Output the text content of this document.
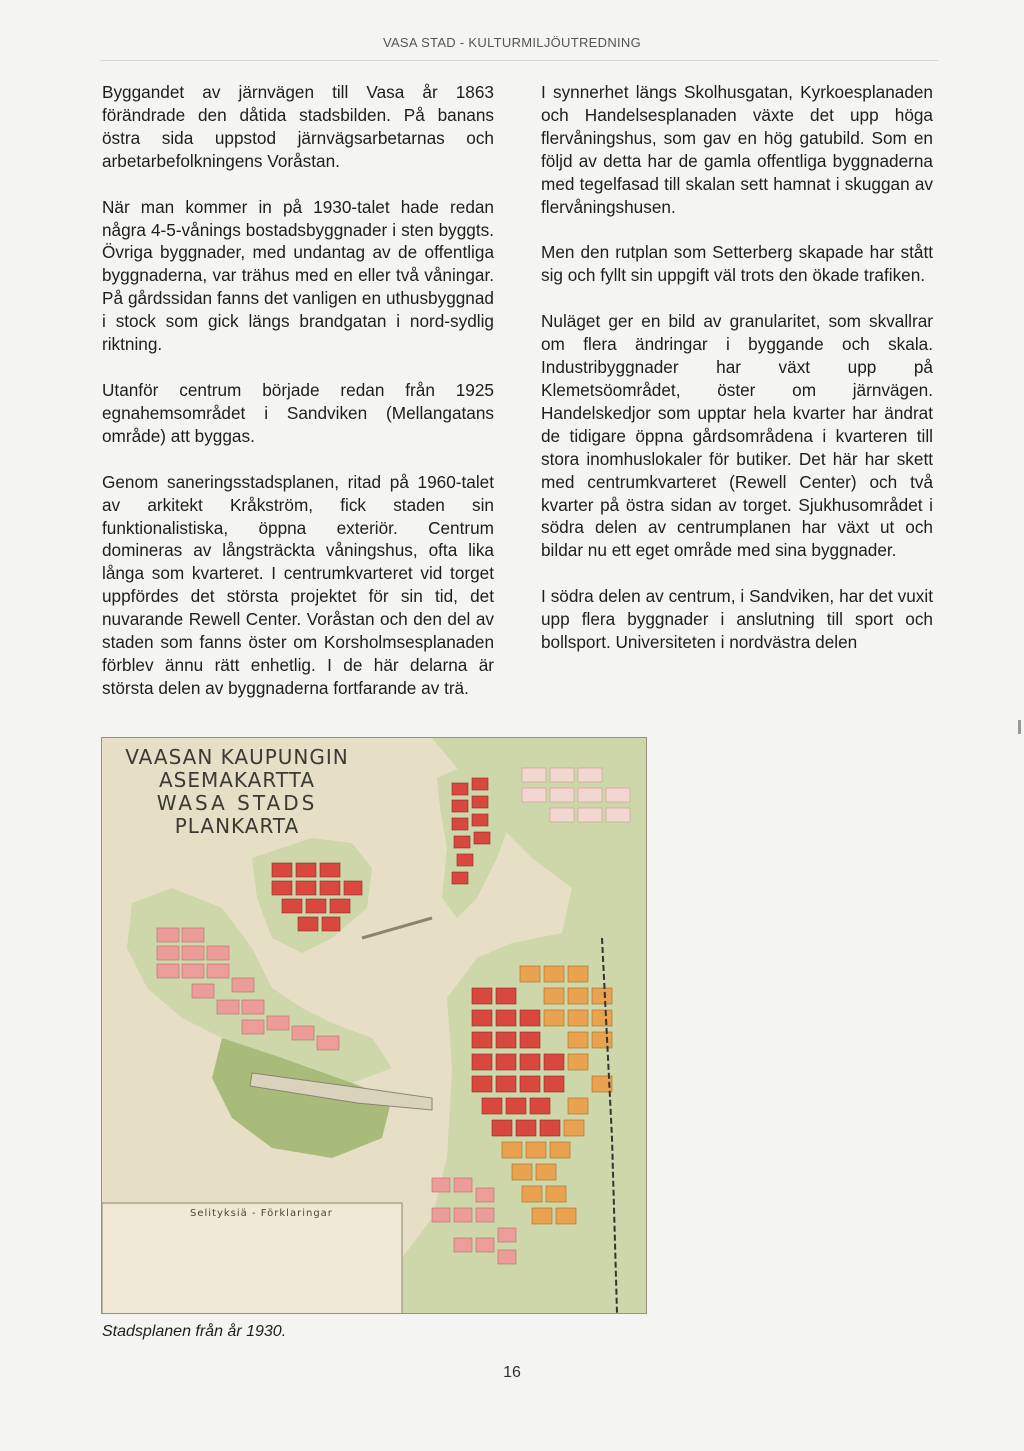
VASA STAD - KULTURMILJÖUTREDNING

Byggandet av järnvägen till Vasa år 1863 förändrade den dåtida stadsbilden. På banans östra sida uppstod järnvägsarbetarnas och arbetarbefolkningens Voråstan.

När man kommer in på 1930-talet hade redan några 4-5-vånings bostadsbyggnader i sten byggts. Övriga byggnader, med undantag av de offentliga byggnaderna, var trähus med en eller två våningar. På gårdssidan fanns det vanligen en uthusbyggnad i stock som gick längs brandgatan i nord-sydlig riktning.

Utanför centrum började redan från 1925 egnahemsområdet i Sandviken (Mellangatans område) att byggas.

Genom saneringsstadsplanen, ritad på 1960-talet av arkitekt Kråkström, fick staden sin funktionalistiska, öppna exteriör. Centrum domineras av långsträckta våningshus, ofta lika långa som kvarteret. I centrumkvarteret vid torget uppfördes det största projektet för sin tid, det nuvarande Rewell Center. Voråstan och den del av staden som fanns öster om Korsholmsesplanaden förblev ännu rätt enhetlig. I de här delarna är största delen av byggnaderna fortfarande av trä.

I synnerhet längs Skolhusgatan, Kyrkoesplanaden och Handelsesplanaden växte det upp höga flervåningshus, som gav en hög gatubild. Som en följd av detta har de gamla offentliga byggnaderna med tegelfasad till skalan sett hamnat i skuggan av flervåningshusen.

Men den rutplan som Setterberg skapade har stått sig och fyllt sin uppgift väl trots den ökade trafiken.

Nuläget ger en bild av granularitet, som skvallrar om flera ändringar i byggande och skala. Industribyggnader har växt upp på Klemetsöområdet, öster om järnvägen. Handelskedjor som upptar hela kvarter har ändrat de tidigare öppna gårdsområdena i kvarteren till stora inomhuslokaler för butiker. Det här har skett med centrumkvarteret (Rewell Center) och två kvarter på östra sidan av torget. Sjukhusområdet i södra delen av centrumplanen har växt ut och bildar nu ett eget område med sina byggnader.

I södra delen av centrum, i Sandviken, har det vuxit upp flera byggnader i anslutning till sport och bollsport. Universiteten i nordvästra delen

VAASAN KAUPUNGIN
ASEMAKARTTA
WASA STADS
PLANKARTA
Selityksiä - Förklaringar
Stadsplanen från år 1930.
16
